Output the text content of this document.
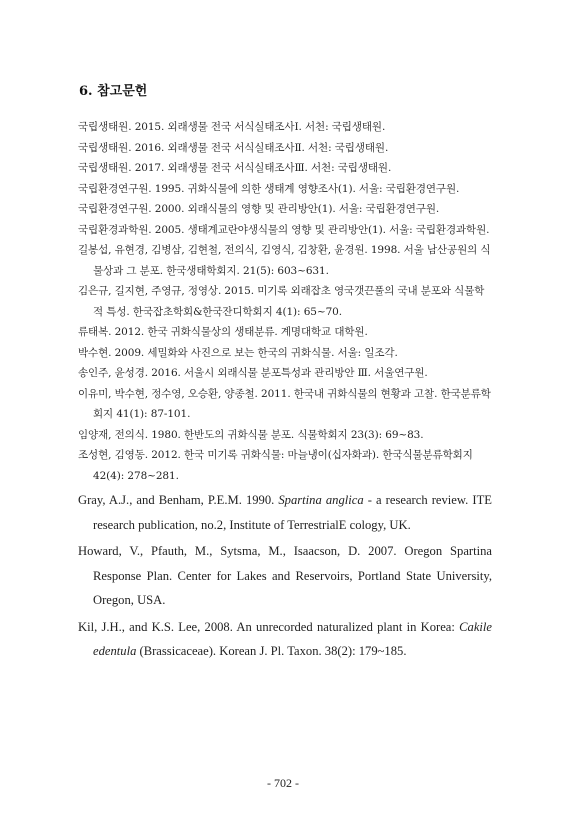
6. 참고문헌
국립생태원. 2015. 외래생물 전국 서식실태조사Ⅰ. 서천: 국립생태원.
국립생태원. 2016. 외래생물 전국 서식실태조사Ⅱ. 서천: 국립생태원.
국립생태원. 2017. 외래생물 전국 서식실태조사Ⅲ. 서천: 국립생태원.
국립환경연구원. 1995. 귀화식물에 의한 생태계 영향조사(1). 서울: 국립환경연구원.
국립환경연구원. 2000. 외래식물의 영향 및 관리방안(1). 서울: 국립환경연구원.
국립환경과학원. 2005. 생태계교란야생식물의 영향 및 관리방안(1). 서울: 국립환경과학원.
길봉섭, 유현경, 김병삼, 김현철, 전의식, 김영식, 김창환, 윤경원. 1998. 서울 남산공원의 식물상과 그 분포. 한국생태학회지. 21(5): 603~631.
김은규, 길지현, 주영규, 정영상. 2015. 미기록 외래잡초 영국갯끈풀의 국내 분포와 식물학적 특성. 한국잡초학회&한국잔디학회지 4(1): 65~70.
류태복. 2012. 한국 귀화식물상의 생태분류. 계명대학교 대학원.
박수현. 2009. 세밀화와 사진으로 보는 한국의 귀화식물. 서울: 일조각.
송인주, 윤성경. 2016. 서울시 외래식물 분포특성과 관리방안 Ⅲ. 서울연구원.
이유미, 박수현, 정수영, 오승환, 양종철. 2011. 한국내 귀화식물의 현황과 고찰. 한국분류학회지 41(1): 87-101.
임양재, 전의식. 1980. 한반도의 귀화식물 분포. 식물학회지 23(3): 69~83.
조성현, 김영동. 2012. 한국 미기록 귀화식물: 마늘냉이(십자화과). 한국식물분류학회지 42(4): 278~281.
Gray, A.J., and Benham, P.E.M. 1990. Spartina anglica - a research review. ITE research publication, no.2, Institute of TerrestrialE cology, UK.
Howard, V., Pfauth, M., Sytsma, M., Isaacson, D. 2007. Oregon Spartina Response Plan. Center for Lakes and Reservoirs, Portland State University, Oregon, USA.
Kil, J.H., and K.S. Lee, 2008. An unrecorded naturalized plant in Korea: Cakile edentula (Brassicaceae). Korean J. Pl. Taxon. 38(2): 179~185.
- 702 -
